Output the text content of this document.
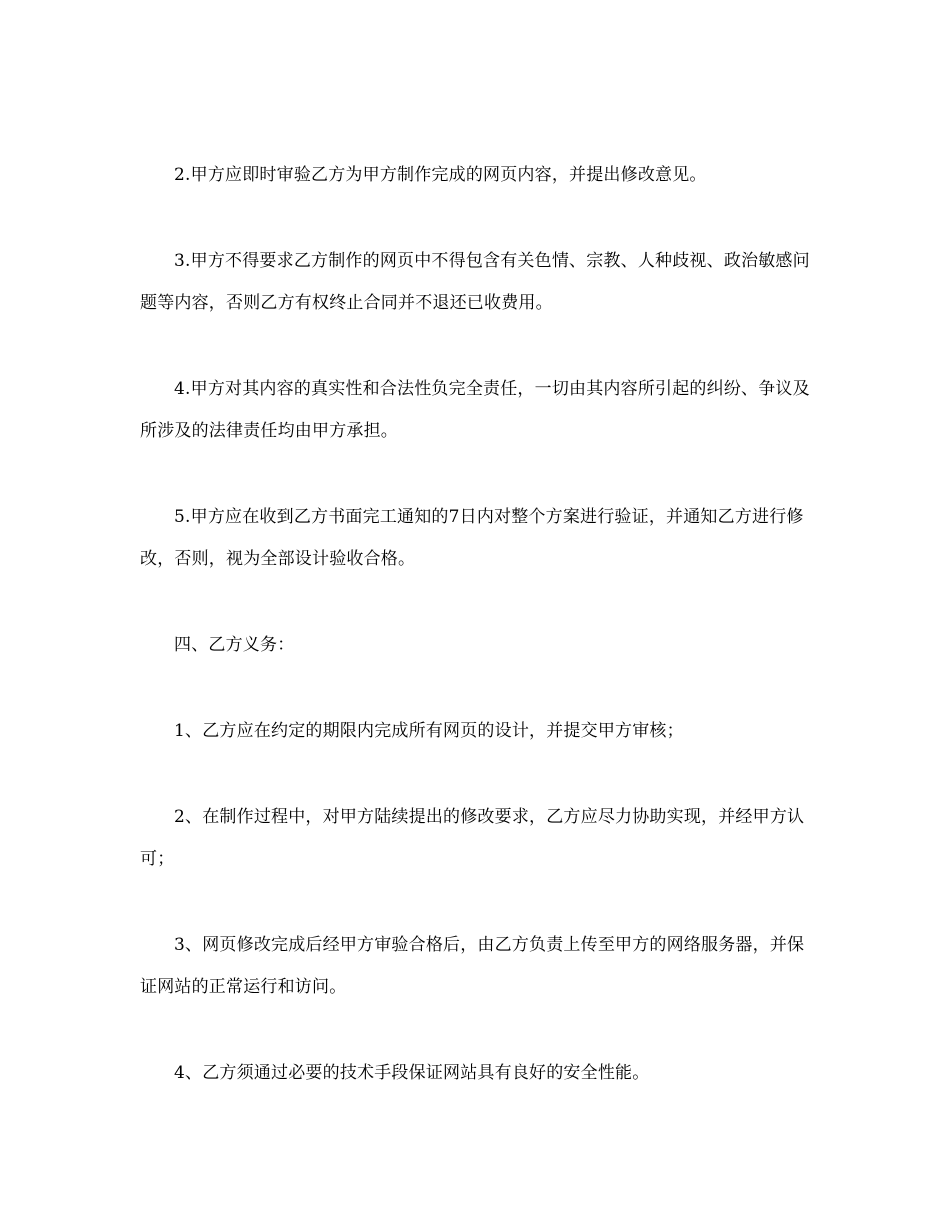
2.甲方应即时审验乙方为甲方制作完成的网页内容，并提出修改意见。

3.甲方不得要求乙方制作的网页中不得包含有关色情、宗教、人种歧视、政治敏感问题等内容，否则乙方有权终止合同并不退还已收费用。

4.甲方对其内容的真实性和合法性负完全责任，一切由其内容所引起的纠纷、争议及所涉及的法律责任均由甲方承担。

5.甲方应在收到乙方书面完工通知的7日内对整个方案进行验证，并通知乙方进行修改，否则，视为全部设计验收合格。

四、乙方义务：

1、乙方应在约定的期限内完成所有网页的设计，并提交甲方审核；

2、在制作过程中，对甲方陆续提出的修改要求，乙方应尽力协助实现，并经甲方认可；

3、网页修改完成后经甲方审验合格后，由乙方负责上传至甲方的网络服务器，并保证网站的正常运行和访问。

4、乙方须通过必要的技术手段保证网站具有良好的安全性能。
